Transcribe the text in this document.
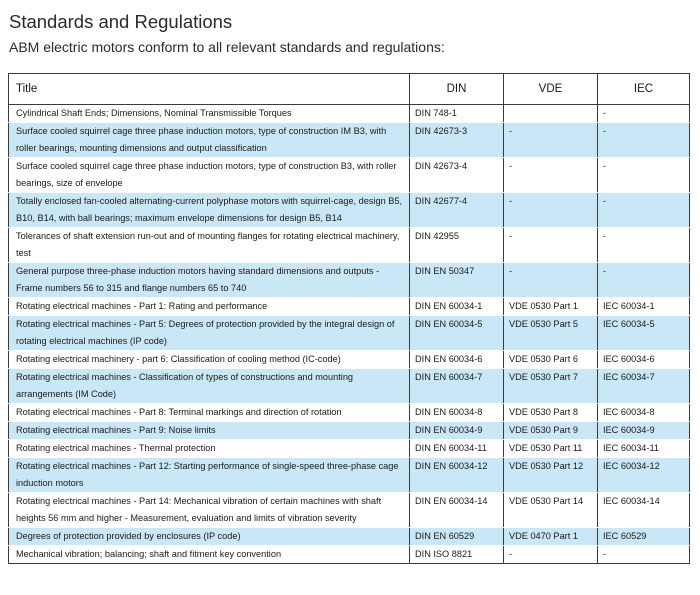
Standards and Regulations

ABM electric motors conform to all relevant standards and regulations:

Title	DIN	VDE	IEC
Cylindrical Shaft Ends; Dimensions, Nominal Transmissible Torques	DIN 748-1		-
Surface cooled squirrel cage three phase induction motors, type of construction IM B3, with roller bearings, mounting dimensions and output classification	DIN 42673-3	-	-
Surface cooled squirrel cage three phase induction motors, type of construction B3, with roller bearings, size of envelope	DIN 42673-4	-	-
Totally enclosed fan-cooled alternating-current polyphase motors with squirrel-cage, design B5, B10, B14, with ball bearings; maximum envelope dimensions for design B5, B14	DIN 42677-4	-	-
Tolerances of shaft extension run-out and of mounting flanges for rotating electrical machinery, test	DIN 42955	-	-
General purpose three-phase induction motors having standard dimensions and outputs - Frame numbers 56 to 315 and flange numbers 65 to 740	DIN EN 50347	-	-
Rotating electrical machines - Part 1: Rating and performance	DIN EN 60034-1	VDE 0530 Part 1	IEC 60034-1
Rotating electrical machines - Part 5: Degrees of protection provided by the integral design of rotating electrical machines (IP code)	DIN EN 60034-5	VDE 0530 Part 5	IEC 60034-5
Rotating electrical machinery - part 6: Classification of cooling method (IC-code)	DIN EN 60034-6	VDE 0530 Part 6	IEC 60034-6
Rotating electrical machines - Classification of types of constructions and mounting arrangements (IM Code)	DIN EN 60034-7	VDE 0530 Part 7	IEC 60034-7
Rotating electrical machines - Part 8: Terminal markings and direction of rotation	DIN EN 60034-8	VDE 0530 Part 8	IEC 60034-8
Rotating electrical machines - Part 9: Noise limits	DIN EN 60034-9	VDE 0530 Part 9	IEC 60034-9
Rotating electrical machines - Thermal protection	DIN EN 60034-11	VDE 0530 Part 11	IEC 60034-11
Rotating electrical machines - Part 12: Starting performance of single-speed three-phase cage induction motors	DIN EN 60034-12	VDE 0530 Part 12	IEC 60034-12
Rotating electrical machines - Part 14: Mechanical vibration of certain machines with shaft heights 56 mm and higher - Measurement, evaluation and limits of vibration severity	DIN EN 60034-14	VDE 0530 Part 14	IEC 60034-14
Degrees of protection provided by enclosures (IP code)	DIN EN 60529	VDE 0470 Part 1	IEC 60529
Mechanical vibration; balancing; shaft and fitment key convention	DIN ISO 8821	-	-
